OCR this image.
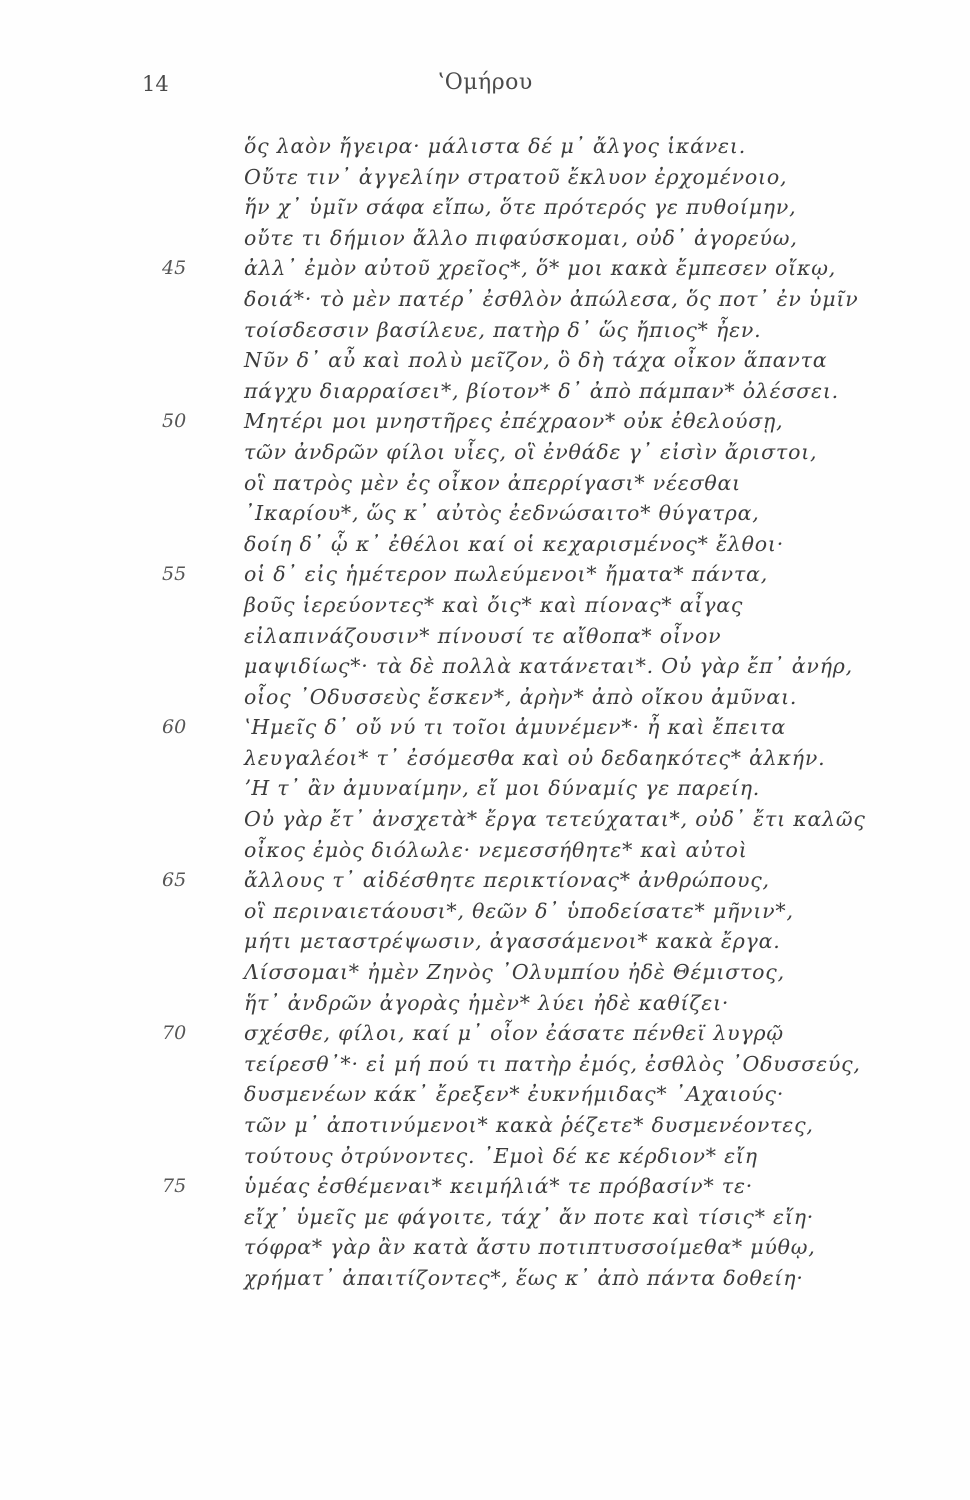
14	ʽΟμήρου
ὅς λαὸν ἤγειρα· μάλιστα δέ μ᾽ ἄλγος ἱκάνει.
Οὔτε τιν᾽ ἀγγελίην στρατοῦ ἔκλυον ἐρχομένοιο,
ἥν χ᾽ ὑμῖν σάφα εἴπω, ὅτε πρότερός γε πυθοίμην,
οὔτε τι δήμιον ἄλλο πιφαύσκομαι, οὐδ᾽ ἀγορεύω,
45	ἀλλ᾽ ἐμὸν αὐτοῦ χρεῖος*, ὅ* μοι κακὰ ἔμπεσεν οἴκῳ,
δοιά*· τὸ μὲν πατέρ᾽ ἐσθλὸν ἀπώλεσα, ὅς ποτ᾽ ἐν ὑμῖν
τοίσδεσσιν βασίλευε, πατὴρ δ᾽ ὥς ἤπιος* ἦεν.
Νῦν δ᾽ αὖ καὶ πολὺ μεῖζον, ὃ δὴ τάχα οἶκον ἅπαντα
πάγχυ διαρραίσει*, βίοτον* δ᾽ ἀπὸ πάμπαν* ὀλέσσει.
50	Μητέρι μοι μνηστῆρες ἐπέχραον* οὐκ ἐθελούσῃ,
τῶν ἀνδρῶν φίλοι υἷες, οἳ ἐνθάδε γ᾽ εἰσὶν ἄριστοι,
οἳ πατρὸς μὲν ἐς οἶκον ἀπερρίγασι* νέεσθαι
᾽Ικαρίου*, ὥς κ᾽ αὐτὸς ἐεδνώσαιτο* θύγατρα,
δοίη δ᾽ ᾧ κ᾽ ἐθέλοι καί οἱ κεχαρισμένος* ἔλθοι·
55	οἱ δ᾽ εἰς ἡμέτερον πωλεύμενοι* ἤματα* πάντα,
βοῦς ἱερεύοντες* καὶ ὄις* καὶ πίονας* αἶγας
εἰλαπινάζουσιν* πίνουσί τε αἴθοπα* οἶνον
μαψιδίως*· τὰ δὲ πολλὰ κατάνεται*. Οὐ γὰρ ἔπ᾽ ἀνήρ,
οἷος ᾽Οδυσσεὺς ἔσκεν*, ἀρὴν* ἀπὸ οἴκου ἀμῦναι.
60	ʽΗμεῖς δ᾽ οὔ νύ τι τοῖοι ἀμυνέμεν*· ἦ καὶ ἔπειτα
λευγαλέοι* τ᾽ ἐσόμεσθα καὶ οὐ δεδαηκότες* ἀλκήν.
ʼΗ τ᾽ ἂν ἀμυναίμην, εἴ μοι δύναμίς γε παρείη.
Οὐ γὰρ ἔτ᾽ ἀνσχετὰ* ἔργα τετεύχαται*, οὐδ᾽ ἔτι καλῶς
οἶκος ἐμὸς διόλωλε· νεμεσσήθητε* καὶ αὐτοὶ
65	ἄλλους τ᾽ αἰδέσθητε περικτίονας* ἀνθρώπους,
οἳ περιναιετάουσι*, θεῶν δ᾽ ὑποδείσατε* μῆνιν*,
μήτι μεταστρέψωσιν, ἀγασσάμενοι* κακὰ ἔργα.
Λίσσομαι* ἠμὲν Ζηνὸς ᾽Ολυμπίου ἠδὲ Θέμιστος,
ἥτ᾽ ἀνδρῶν ἀγορὰς ἠμὲν* λύει ἠδὲ καθίζει·
70	σχέσθε, φίλοι, καί μ᾽ οἶον ἐάσατε πένθεϊ λυγρῷ
τείρεσθ᾽*· εἰ μή πού τι πατὴρ ἐμός, ἐσθλὸς ᾽Οδυσσεύς,
δυσμενέων κάκ᾽ ἔρεξεν* ἐυκνήμιδας* ᾽Αχαιούς·
τῶν μ᾽ ἀποτινύμενοι* κακὰ ῥέζετε* δυσμενέοντες,
τούτους ὀτρύνοντες. ᾽Εμοὶ δέ κε κέρδιον* εἴη
75	ὑμέας ἐσθέμεναι* κειμήλιά* τε πρόβασίν* τε·
εἴχ᾽ ὑμεῖς με φάγοιτε, τάχ᾽ ἄν ποτε καὶ τίσις* εἴη·
τόφρα* γὰρ ἂν κατὰ ἄστυ ποτιπτυσσοίμεθα* μύθῳ,
χρήματ᾽ ἀπαιτίζοντες*, ἕως κ᾽ ἀπὸ πάντα δοθείη·
